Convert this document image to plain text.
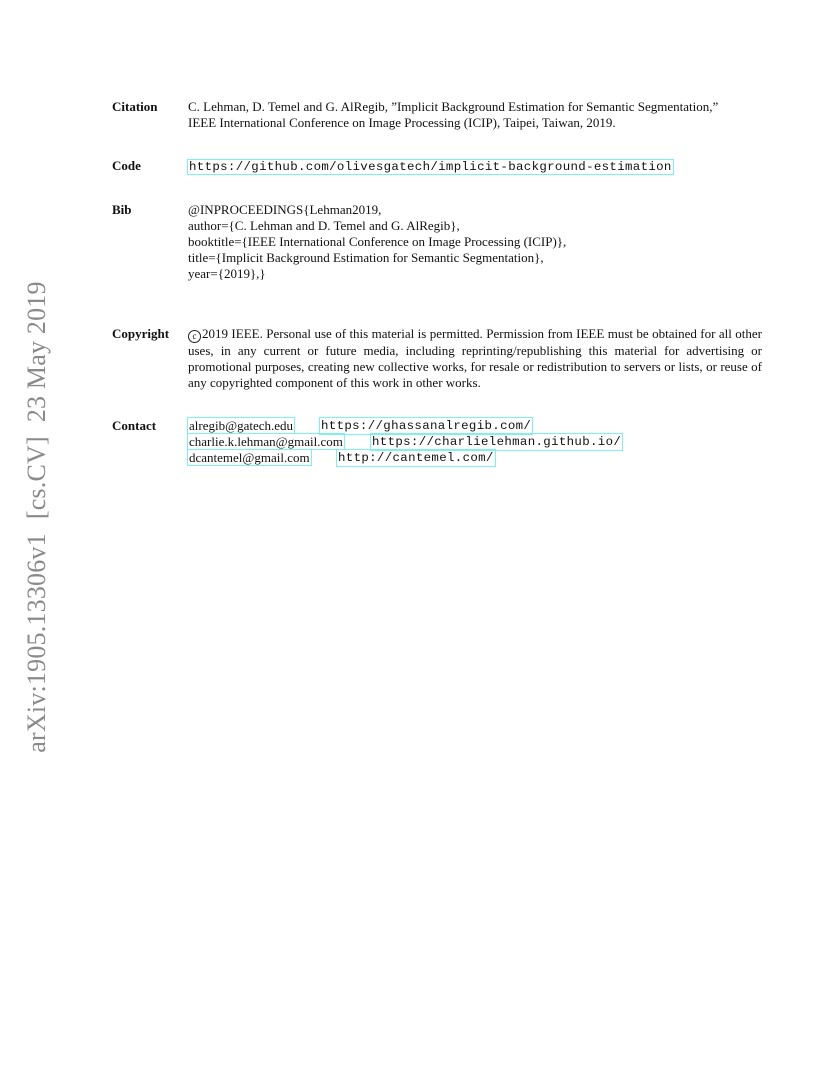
arXiv:1905.13306v1[cs.CV]23 May 2019
Citation C. Lehman, D. Temel and G. AlRegib, ”Implicit Background Estimation for Semantic Segmentation,”
IEEE International Conference on Image Processing (ICIP), Taipei, Taiwan, 2019.
Code	https://github.com/olivesgatech/implicit-background-estimation
Bib	@INPROCEEDINGS{Lehman2019,
author={C. Lehman and D. Temel and G. AlRegib},
booktitle={IEEE International Conference on Image Processing (ICIP)},
title={Implicit Background Estimation for Semantic Segmentation},
year={2019},}
Copyright	c 2019 IEEE. Personal use of this material is permitted. Permission from IEEE must be obtained for all other uses, in any current or future media, including reprinting/republishing this material for advertising or promotional purposes, creating new collective works, for resale or redistribution to servers or lists, or reuse of any copyrighted component of this work in other works.
Contact	alregib@gatech.edu https://ghassanalregib.com/
charlie.k.lehman@gmail.com https://charlielehman.github.io/
dcantemel@gmail.com http://cantemel.com/
